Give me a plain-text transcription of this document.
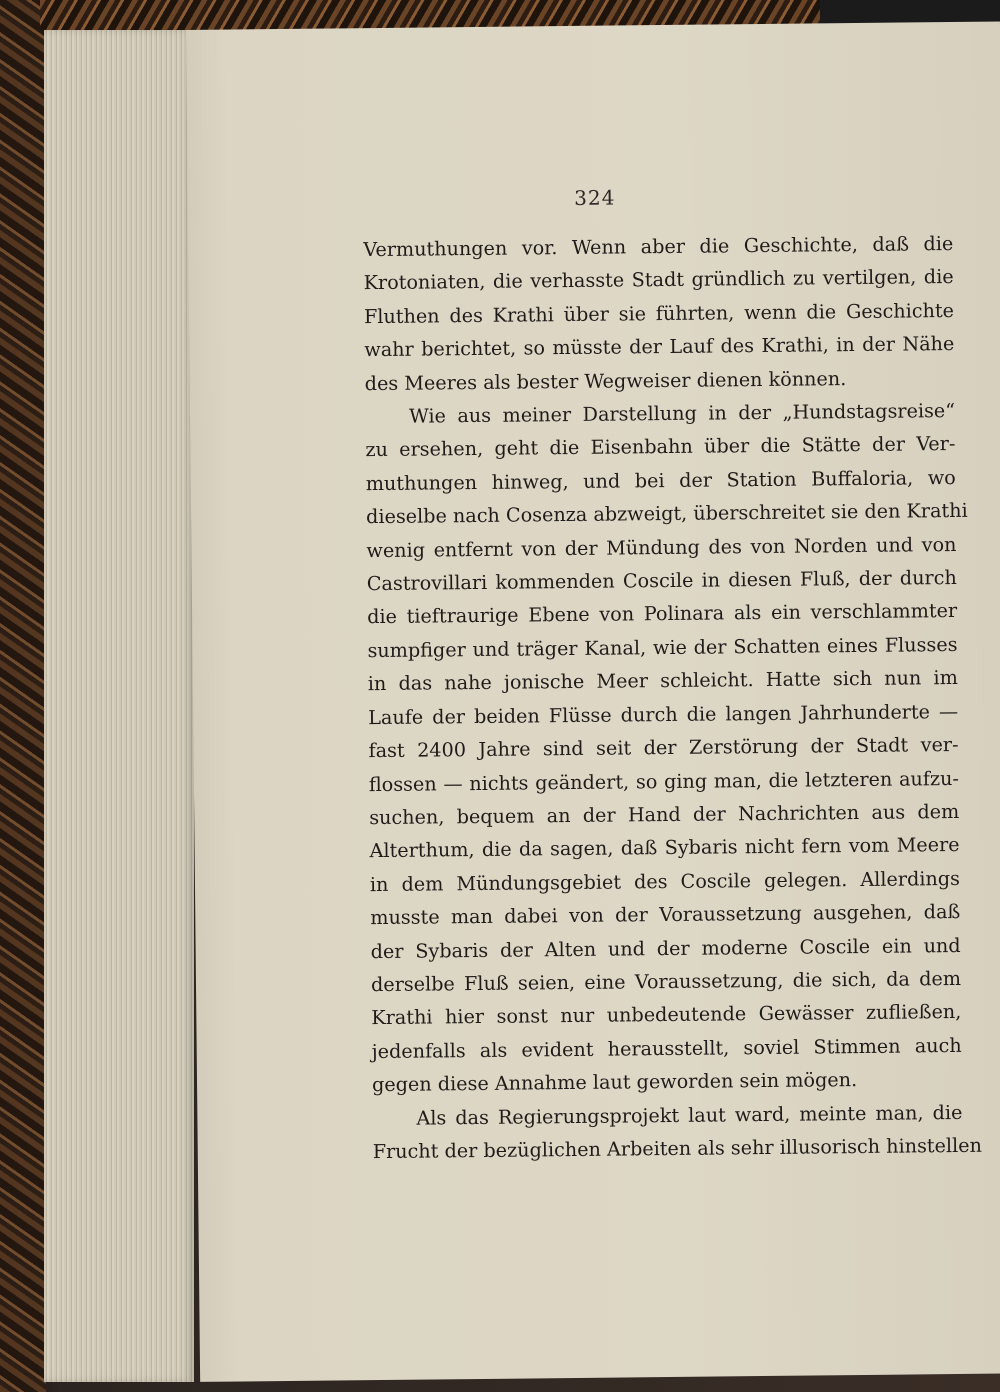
324
Vermuthungen vor. Wenn aber die Geschichte, daß die
Krotoniaten, die verhasste Stadt gründlich zu vertilgen, die
Fluthen des Krathi über sie führten, wenn die Geschichte
wahr berichtet, so müsste der Lauf des Krathi, in der Nähe
des Meeres als bester Wegweiser dienen können.
Wie aus meiner Darstellung in der „Hundstagsreise“
zu ersehen, geht die Eisenbahn über die Stätte der Ver-
muthungen hinweg, und bei der Station Buffaloria, wo
dieselbe nach Cosenza abzweigt, überschreitet sie den Krathi
wenig entfernt von der Mündung des von Norden und von
Castrovillari kommenden Coscile in diesen Fluß, der durch
die tieftraurige Ebene von Polinara als ein verschlammter
sumpfiger und träger Kanal, wie der Schatten eines Flusses
in das nahe jonische Meer schleicht. Hatte sich nun im
Laufe der beiden Flüsse durch die langen Jahrhunderte —
fast 2400 Jahre sind seit der Zerstörung der Stadt ver-
flossen — nichts geändert, so ging man, die letzteren aufzu-
suchen, bequem an der Hand der Nachrichten aus dem
Alterthum, die da sagen, daß Sybaris nicht fern vom Meere
in dem Mündungsgebiet des Coscile gelegen. Allerdings
musste man dabei von der Voraussetzung ausgehen, daß
der Sybaris der Alten und der moderne Coscile ein und
derselbe Fluß seien, eine Voraussetzung, die sich, da dem
Krathi hier sonst nur unbedeutende Gewässer zufließen,
jedenfalls als evident herausstellt, soviel Stimmen auch
gegen diese Annahme laut geworden sein mögen.
Als das Regierungsprojekt laut ward, meinte man, die
Frucht der bezüglichen Arbeiten als sehr illusorisch hinstellen
